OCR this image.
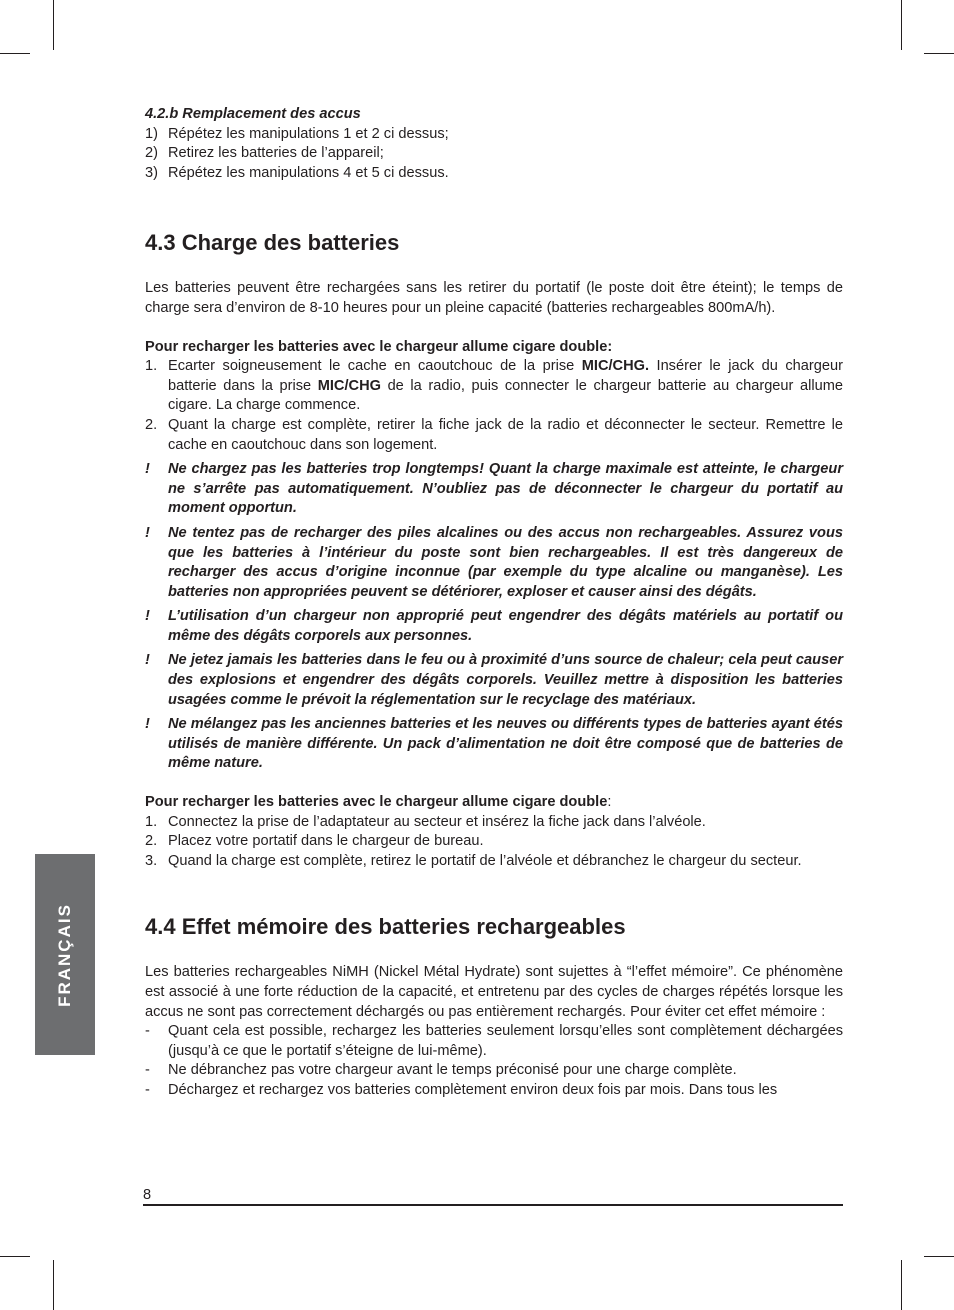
FRANÇAIS

4.2.b Remplacement des accus

1) Répétez les manipulations 1 et 2 ci dessus;
2) Retirez les batteries de l’appareil;
3) Répétez les manipulations 4 et 5 ci dessus.
4.3 Charge des batteries

Les batteries peuvent être rechargées sans les retirer du portatif (le poste doit être éteint); le temps de charge sera d’environ de 8-10 heures pour un pleine capacité (batteries rechargeables 800mA/h).

Pour recharger les batteries avec le chargeur allume cigare double:

1. Ecarter soigneusement le cache en caoutchouc de la prise MIC/CHG. Insérer le jack du chargeur batterie dans la prise MIC/CHG de la radio, puis connecter le chargeur batterie au chargeur allume cigare. La charge commence.
2. Quant la charge est complète, retirer la fiche jack de la radio et déconnecter le secteur. Remettre le cache en caoutchouc dans son logement.
!	Ne chargez pas les batteries trop longtemps! Quant la charge maximale est atteinte, le chargeur ne s’arrête pas automatiquement. N’oubliez pas de déconnecter le chargeur du portatif au moment opportun.
!	Ne tentez pas de recharger des piles alcalines ou des accus non rechargeables. Assurez vous que les batteries à l’intérieur du poste sont bien rechargeables. Il est très dangereux de recharger des accus d’origine inconnue (par exemple du type alcaline ou manganèse). Les batteries non appropriées peuvent se détériorer, exploser et causer ainsi des dégâts.
!	L’utilisation d’un chargeur non approprié peut engendrer des dégâts matériels au portatif ou même des dégâts corporels aux personnes.
!	Ne jetez jamais les batteries dans le feu ou à proximité d’uns source de chaleur; cela peut causer des explosions et engendrer des dégâts corporels. Veuillez mettre à disposition les batteries usagées comme le prévoit la réglementation sur le recyclage des matériaux.
!	Ne mélangez pas les anciennes batteries et les neuves ou différents types de batteries ayant étés utilisés de manière différente. Un pack d’alimentation ne doit être composé que de batteries de même nature.

Pour recharger les batteries avec le chargeur allume cigare double:

1. Connectez la prise de l’adaptateur au secteur et insérez la fiche jack dans l’alvéole.
2. Placez votre portatif dans le chargeur de bureau.
3. Quand la charge est complète, retirez le portatif de l’alvéole et débranchez le chargeur du secteur.
4.4 Effet mémoire des batteries rechargeables

Les batteries rechargeables NiMH (Nickel Métal Hydrate) sont sujettes à “l’effet mémoire”. Ce phénomène est associé à une forte réduction de la capacité, et entretenu par des cycles de charges répétés lorsque les accus ne sont pas correctement déchargés ou pas entièrement rechargés. Pour éviter cet effet mémoire :

-	Quant cela est possible, rechargez les batteries seulement lorsqu’elles sont complètement déchargées (jusqu’à ce que le portatif s’éteigne de lui-même).
-	Ne débranchez pas votre chargeur avant le temps préconisé pour une charge complète.
-	Déchargez et rechargez vos batteries complètement environ deux fois par mois. Dans tous les
8
